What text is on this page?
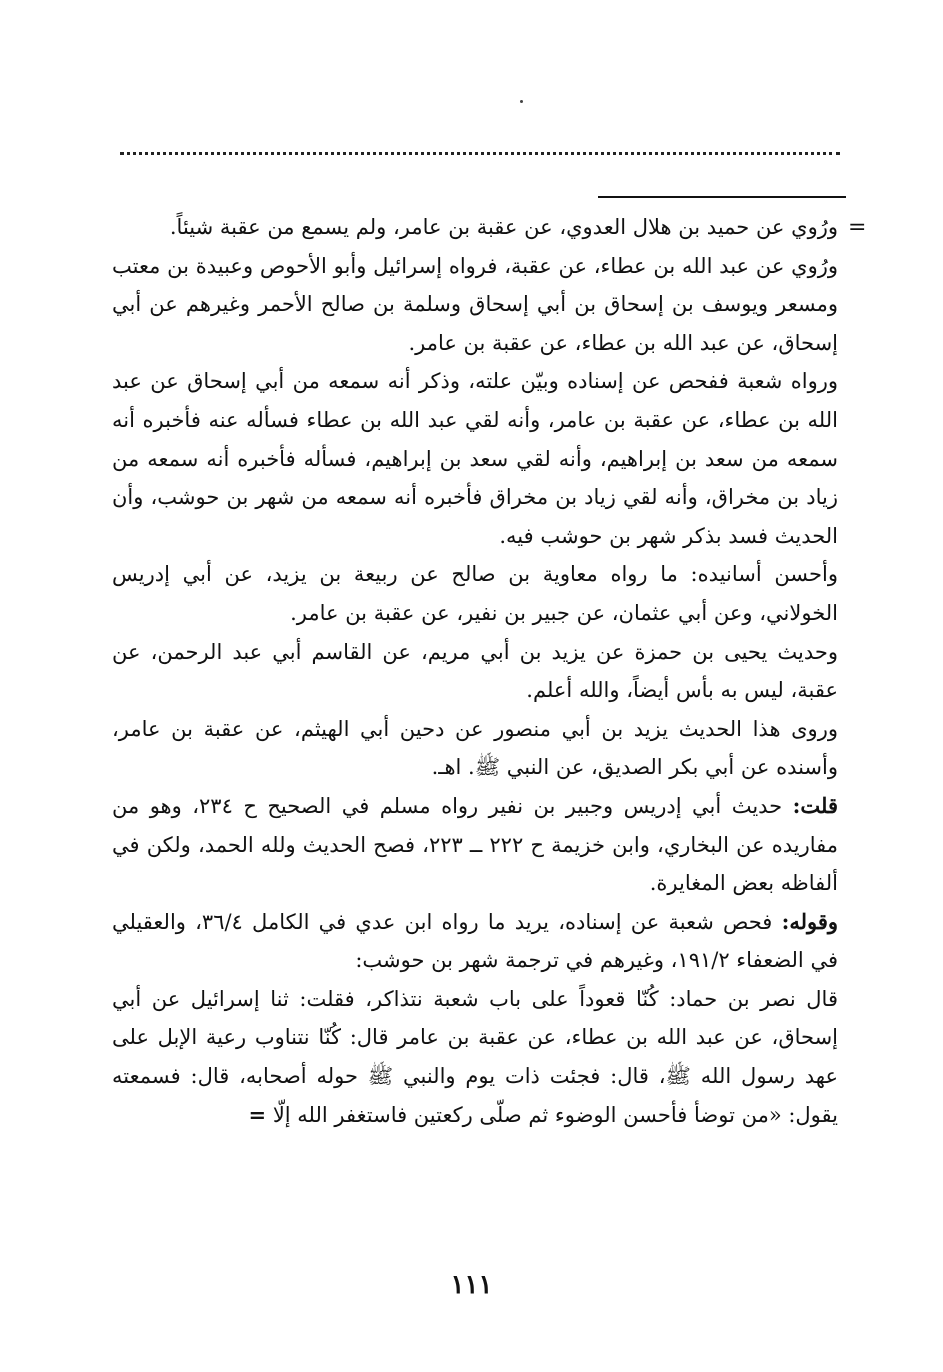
=

ورُوي عن حميد بن هلال العدوي، عن عقبة بن عامر، ولم يسمع من عقبة شيئاً.

ورُوي عن عبد الله بن عطاء، عن عقبة، فرواه إسرائيل وأبو الأحوص وعبيدة بن معتب ومسعر ويوسف بن إسحاق بن أبي إسحاق وسلمة بن صالح الأحمر وغيرهم عن أبي إسحاق، عن عبد الله بن عطاء، عن عقبة بن عامر.

ورواه شعبة ففحص عن إسناده وبيّن علته، وذكر أنه سمعه من أبي إسحاق عن عبد الله بن عطاء، عن عقبة بن عامر، وأنه لقي عبد الله بن عطاء فسأله عنه فأخبره أنه سمعه من سعد بن إبراهيم، وأنه لقي سعد بن إبراهيم، فسأله فأخبره أنه سمعه من زياد بن مخراق، وأنه لقي زياد بن مخراق فأخبره أنه سمعه من شهر بن حوشب، وأن الحديث فسد بذكر شهر بن حوشب فيه.

وأحسن أسانيده: ما رواه معاوية بن صالح عن ربيعة بن يزيد، عن أبي إدريس الخولاني، وعن أبي عثمان، عن جبير بن نفير، عن عقبة بن عامر.

وحديث يحيى بن حمزة عن يزيد بن أبي مريم، عن القاسم أبي عبد الرحمن، عن عقبة، ليس به بأس أيضاً، والله أعلم.

وروى هذا الحديث يزيد بن أبي منصور عن دحين أبي الهيثم، عن عقبة بن عامر، وأسنده عن أبي بكر الصديق، عن النبي ﷺ. اهـ.

قلت: حديث أبي إدريس وجبير بن نفير رواه مسلم في الصحيح ح ٢٣٤، وهو من مفاريده عن البخاري، وابن خزيمة ح ٢٢٢ ــ ٢٢٣، فصح الحديث ولله الحمد، ولكن في ألفاظه بعض المغايرة.

وقوله: فحص شعبة عن إسناده، يريد ما رواه ابن عدي في الكامل ٣٦/٤، والعقيلي في الضعفاء ١٩١/٢، وغيرهم في ترجمة شهر بن حوشب:

قال نصر بن حماد: كُنّا قعوداً على باب شعبة نتذاكر، فقلت: ثنا إسرائيل عن أبي إسحاق، عن عبد الله بن عطاء، عن عقبة بن عامر قال: كُنّا نتناوب رعية الإبل على عهد رسول الله ﷺ، قال: فجئت ذات يوم والنبي ﷺ حوله أصحابه، قال: فسمعته يقول: «من توضأ فأحسن الوضوء ثم صلّى ركعتين فاستغفر الله إلّا =

١١١
